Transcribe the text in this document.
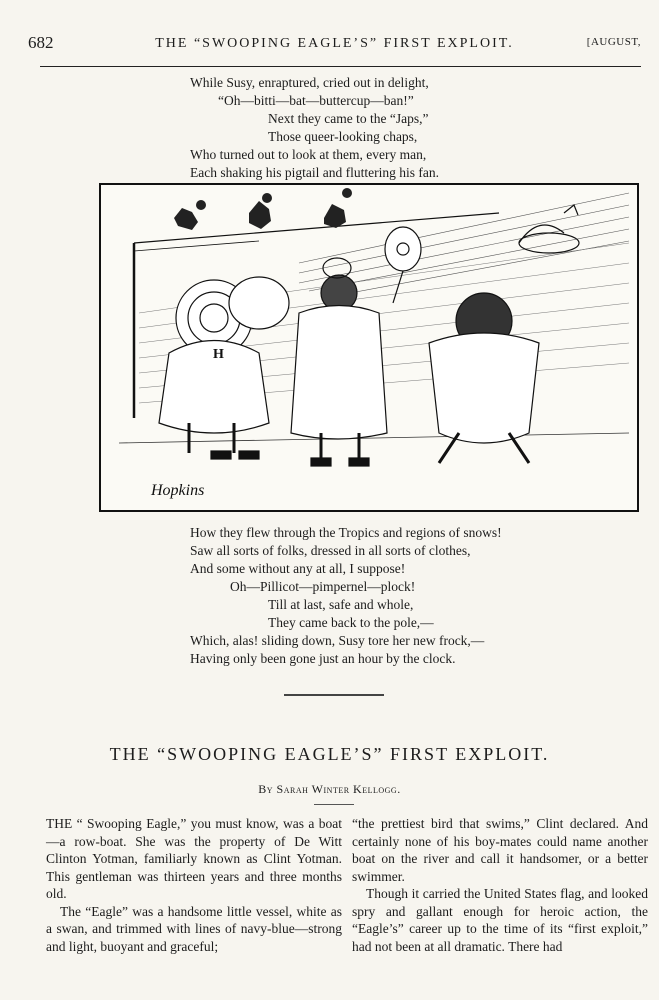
682	THE “SWOOPING EAGLE’S” FIRST EXPLOIT.	[AUGUST,
While Susy, enraptured, cried out in delight,
“Oh—bitti—bat—buttercup—ban!”
Next they came to the “Japs,”
Those queer-looking chaps,
Who turned out to look at them, every man,
Each shaking his pigtail and fluttering his fan.
H
Hopkins
How they flew through the Tropics and regions of snows!
Saw all sorts of folks, dressed in all sorts of clothes,
And some without any at all, I suppose!
Oh—Pillicot—pimpernel—plock!
Till at last, safe and whole,
They came back to the pole,—
Which, alas! sliding down, Susy tore her new frock,—
Having only been gone just an hour by the clock.
THE “SWOOPING EAGLE’S” FIRST EXPLOIT.
By Sarah Winter Kellogg.

THE “ Swooping Eagle,” you must know, was a boat—a row-boat. She was the property of De Witt Clinton Yotman, familiarly known as Clint Yotman. This gentleman was thirteen years and three months old.

The “Eagle” was a handsome little vessel, white as a swan, and trimmed with lines of navy-blue—strong and light, buoyant and graceful;

“the prettiest bird that swims,” Clint declared. And certainly none of his boy-mates could name another boat on the river and call it handsomer, or a better swimmer.

Though it carried the United States flag, and looked spry and gallant enough for heroic action, the “Eagle’s” career up to the time of its “first exploit,” had not been at all dramatic. There had
